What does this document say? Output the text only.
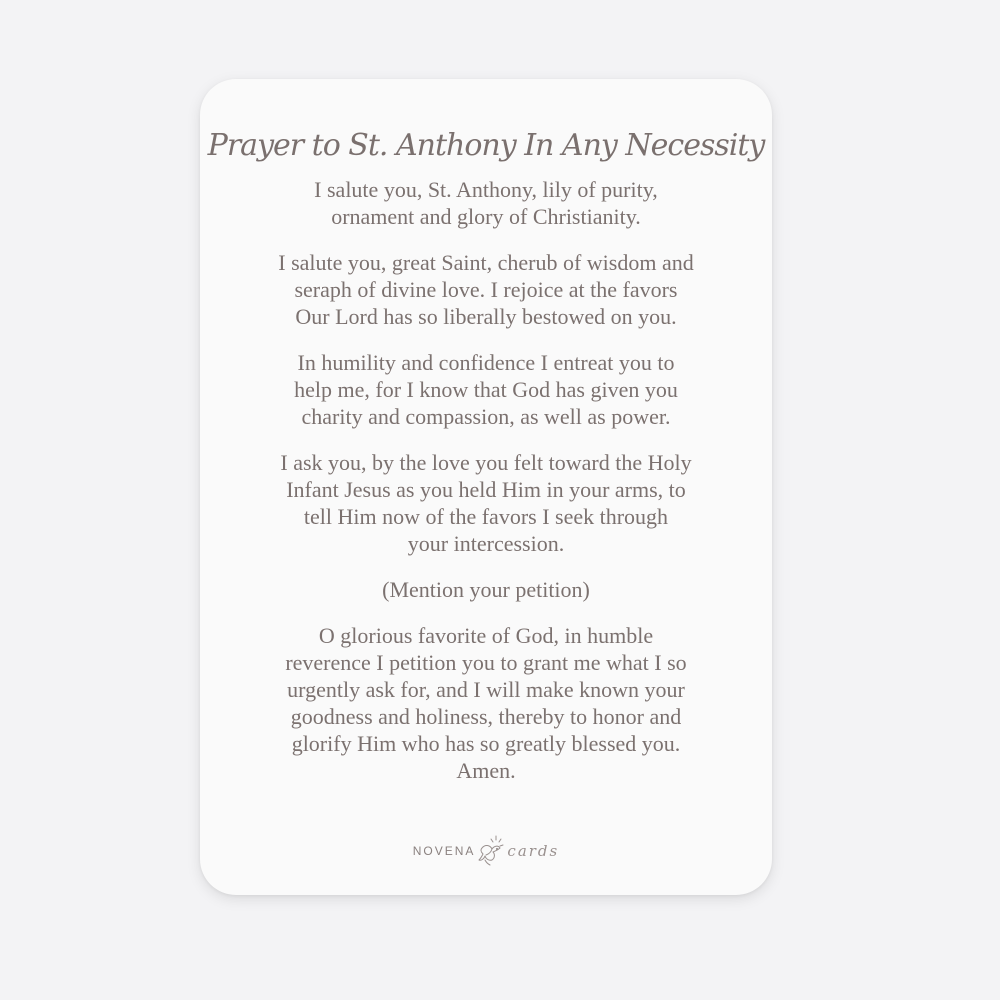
Prayer to St. Anthony In Any Necessity

I salute you, St. Anthony, lily of purity,
ornament and glory of Christianity.

I salute you, great Saint, cherub of wisdom and
seraph of divine love. I rejoice at the favors
Our Lord has so liberally bestowed on you.

In humility and confidence I entreat you to
help me, for I know that God has given you
charity and compassion, as well as power.

I ask you, by the love you felt toward the Holy
Infant Jesus as you held Him in your arms, to
tell Him now of the favors I seek through
your intercession.

(Mention your petition)

O glorious favorite of God, in humble
reverence I petition you to grant me what I so
urgently ask for, and I will make known your
goodness and holiness, thereby to honor and
glorify Him who has so greatly blessed you.
Amen.

NOVENA cards
